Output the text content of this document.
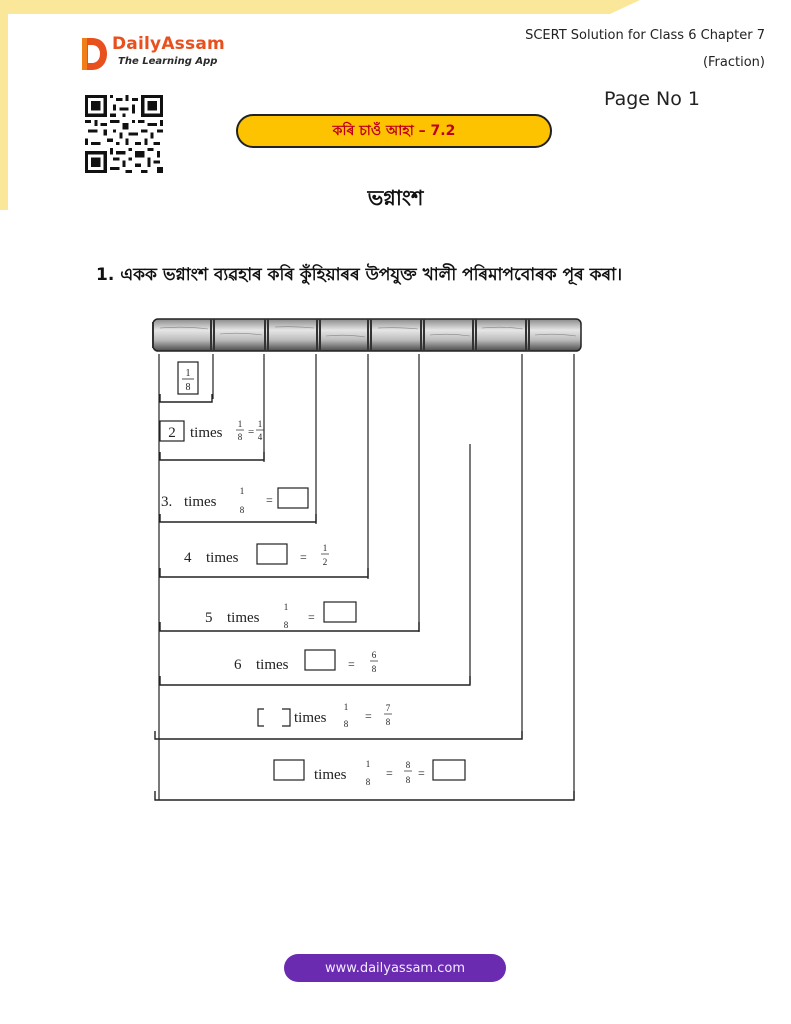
DailyAssam
The Learning App
SCERT Solution for Class 6 Chapter 7
(Fraction)
Page No 1
কৰি চাওঁ আহা – 7.2
ভগ্নাংশ
1. একক ভগ্নাংশ ব্যৱহাৰ কৰি কুঁহিয়াৰৰ উপযুক্ত খালী পৰিমাপবোৰক পূৰ কৰা।
1
8
2 times
1
8 =
1
4
3. times
1
8
=
4 times	=
1
2
5 times
1
8
=
6 times	=
6
8
times
1
8
=
7
8
times
1
8
=
8
8 =
www.dailyassam.com
